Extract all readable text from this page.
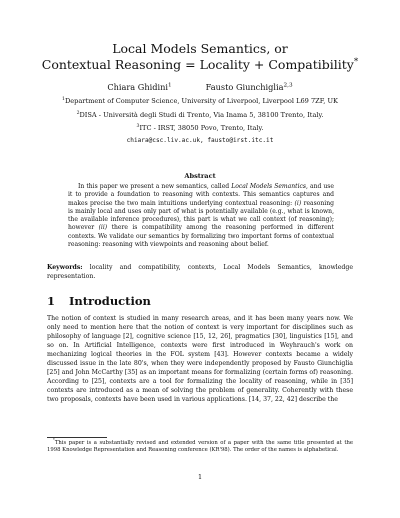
Local Models Semantics, or
Contextual Reasoning = Locality + Compatibility*
Chiara Ghidini$^1$	Fausto Giunchiglia$^{2,3}$
$^1$Department of Computer Science, University of Liverpool, Liverpool L69 7ZF, UK
$^2$DISA - Università degli Studi di Trento, Via Inama 5, 38100 Trento, Italy.
$^3$ITC - IRST, 38050 Povo, Trento, Italy.
chiara@csc.liv.ac.uk, fausto@irst.itc.it
Abstract

In this paper we present a new semantics, called Local Models Semantics, and use it to provide a foundation to reasoning with contexts. This semantics captures and makes precise the two main intuitions underlying contextual reasoning: (i) reasoning is mainly local and uses only part of what is potentially available (e.g., what is known, the available inference procedures), this part is what we call context (of reasoning); however (ii) there is compatibility among the reasoning performed in different contexts. We validate our semantics by formalizing two important forms of contextual reasoning: reasoning with viewpoints and reasoning about belief.

Keywords: locality and compatibility, contexts, Local Models Semantics, knowledge representation.
1 Introduction

The notion of context is studied in many research areas, and it has been many years now. We only need to mention here that the notion of context is very important for disciplines such as philosophy of language [2], cognitive science [15, 12, 26], pragmatics [30], linguistics [15], and so on. In Artificial Intelligence, contexts were first introduced in Weyhrauch's work on mechanizing logical theories in the FOL system [43]. However contexts became a widely discussed issue in the late 80's, when they were independently proposed by Fausto Giunchiglia [25] and John McCarthy [35] as an important means for formalizing (certain forms of) reasoning. According to [25], contexts are a tool for formalizing the locality of reasoning, while in [35] contexts are introduced as a mean of solving the problem of generality. Coherently with these two proposals, contexts have been used in various applications. [14, 37, 22, 42] describe the

*This paper is a substantially revised and extended version of a paper with the same title presented at the 1998 Knowledge Representation and Reasoning conference (KR'98). The order of the names is alphabetical.

1
